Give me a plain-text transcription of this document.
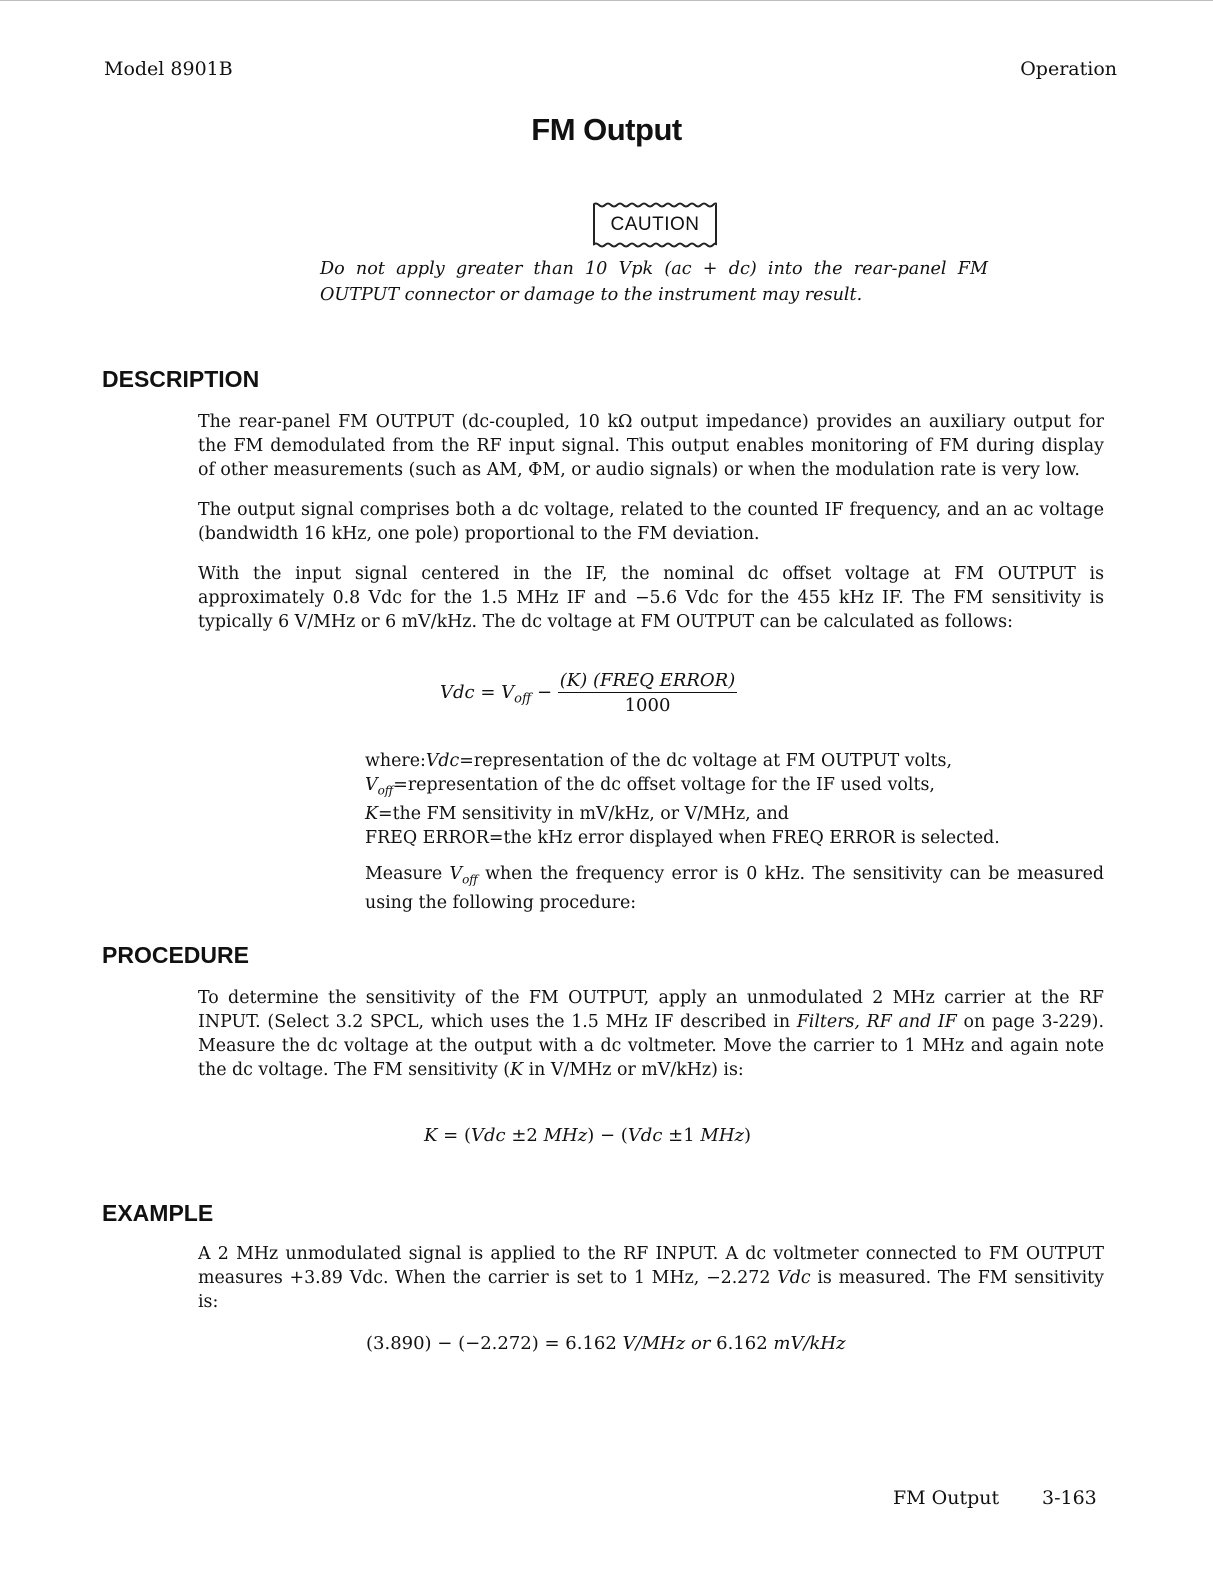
Model 8901B	Operation
FM Output
CAUTION
Do not apply greater than 10 Vpk (ac + dc) into the rear-panel FM OUTPUT connector or damage to the instrument may result.
DESCRIPTION

The rear-panel FM OUTPUT (dc-coupled, 10 kΩ output impedance) provides an auxiliary output for the FM demodulated from the RF input signal. This output enables monitoring of FM during display of other measurements (such as AM, ΦM, or audio signals) or when the modulation rate is very low.

The output signal comprises both a dc voltage, related to the counted IF frequency, and an ac voltage (bandwidth 16 kHz, one pole) proportional to the FM deviation.

With the input signal centered in the IF, the nominal dc offset voltage at FM OUTPUT is approximately 0.8 Vdc for the 1.5 MHz IF and −5.6 Vdc for the 455 kHz IF. The FM sensitivity is typically 6 V/MHz or 6 mV/kHz. The dc voltage at FM OUTPUT can be calculated as follows:

Vdc = $V_{off} - \frac{\text{(K) (FREQ ERROR)}}{1000}$
where:Vdc=representation of the dc voltage at FM OUTPUT volts,
$V_{off}=representation$ of the dc offset voltage for the IF used volts,
K=the FM sensitivity in mV/kHz, or V/MHz, and
FREQ ERROR=the kHz error displayed when FREQ ERROR is selected.

Measure $V_{off}$ when the frequency error is 0 kHz. The sensitivity can be measured using the following procedure:

PROCEDURE

To determine the sensitivity of the FM OUTPUT, apply an unmodulated 2 MHz carrier at the RF INPUT. (Select 3.2 SPCL, which uses the 1.5 MHz IF described in Filters, RF and IF on page 3-229). Measure the dc voltage at the output with a dc voltmeter. Move the carrier to 1 MHz and again note the dc voltage. The FM sensitivity (K in V/MHz or mV/kHz) is:

K = (Vdc ±2 MHz) − (Vdc ±1 MHz)
EXAMPLE

A 2 MHz unmodulated signal is applied to the RF INPUT. A dc voltmeter connected to FM OUTPUT measures +3.89 Vdc. When the carrier is set to 1 MHz, −2.272 Vdc is measured. The FM sensitivity is:

(3.890) − (−2.272) = 6.162 V/MHz or 6.162 mV/kHz
FM Output 3-163
